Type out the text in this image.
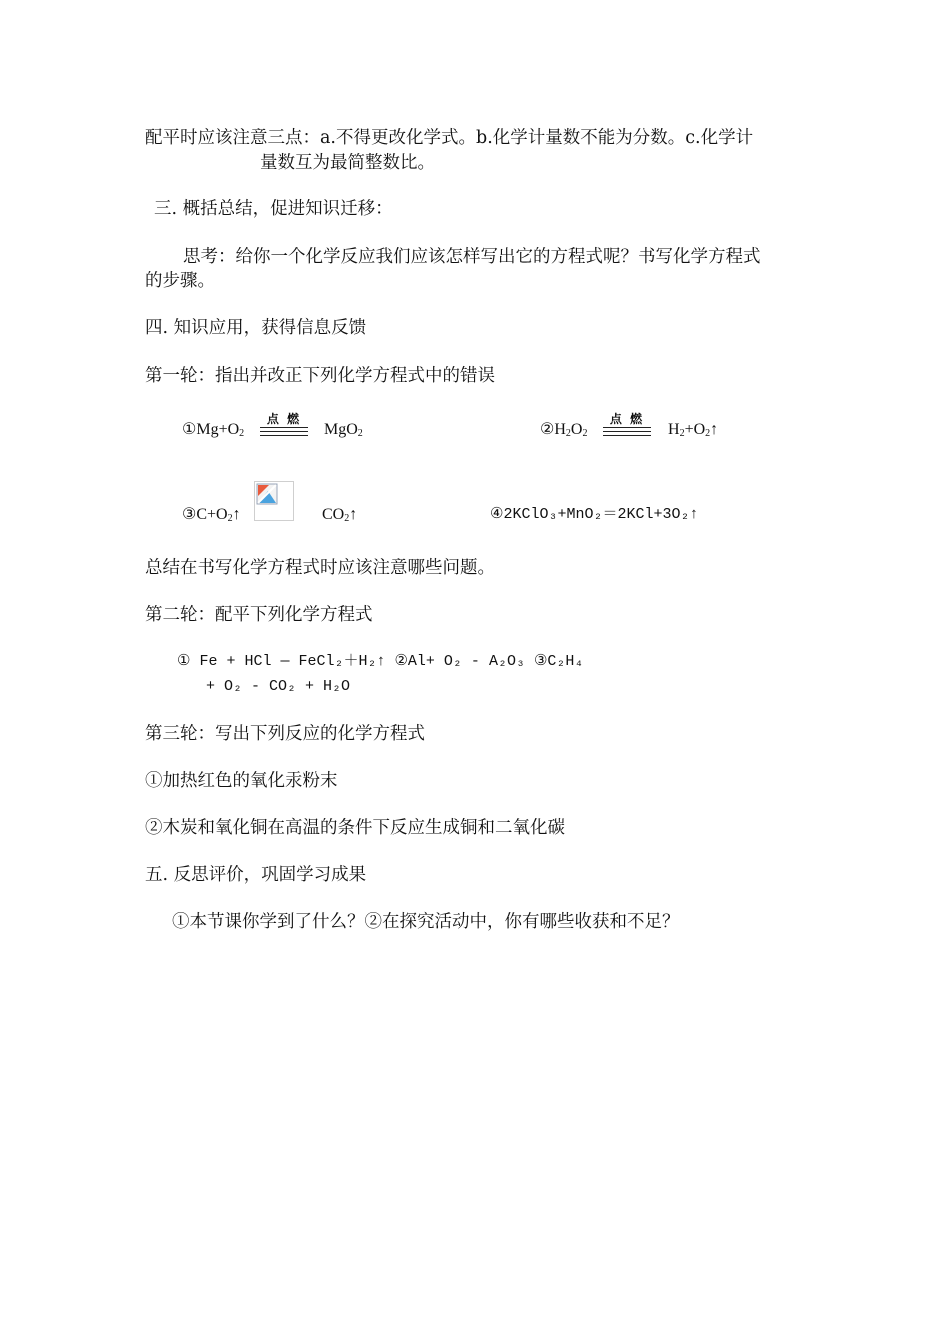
配平时应该注意三点：a.不得更改化学式。b.化学计量数不能为分数。c.化学计
量数互为最简整数比。
三. 概括总结，促进知识迁移：
思考：给你一个化学反应我们应该怎样写出它的方程式呢？书写化学方程式
的步骤。
四. 知识应用，获得信息反馈
第一轮：指出并改正下列化学方程式中的错误
$①Mg+O_2$
点 燃
MgO$_2$	$②H_2O_2$
点 燃
$H_2+O_2↑$
$③C+O_2↑$	$CO_2↑$	④2KClO₃+MnO₂＝2KCl+3O₂↑
总结在书写化学方程式时应该注意哪些问题。
第二轮：配平下列化学方程式
① Fe + HCl — FeCl₂＋H₂↑ ②Al+ O₂ - A₂O₃ ③C₂H₄
+ O₂ - CO₂ + H₂O
第三轮：写出下列反应的化学方程式
①加热红色的氧化汞粉末
②木炭和氧化铜在高温的条件下反应生成铜和二氧化碳
五. 反思评价，巩固学习成果
①本节课你学到了什么？②在探究活动中，你有哪些收获和不足？
